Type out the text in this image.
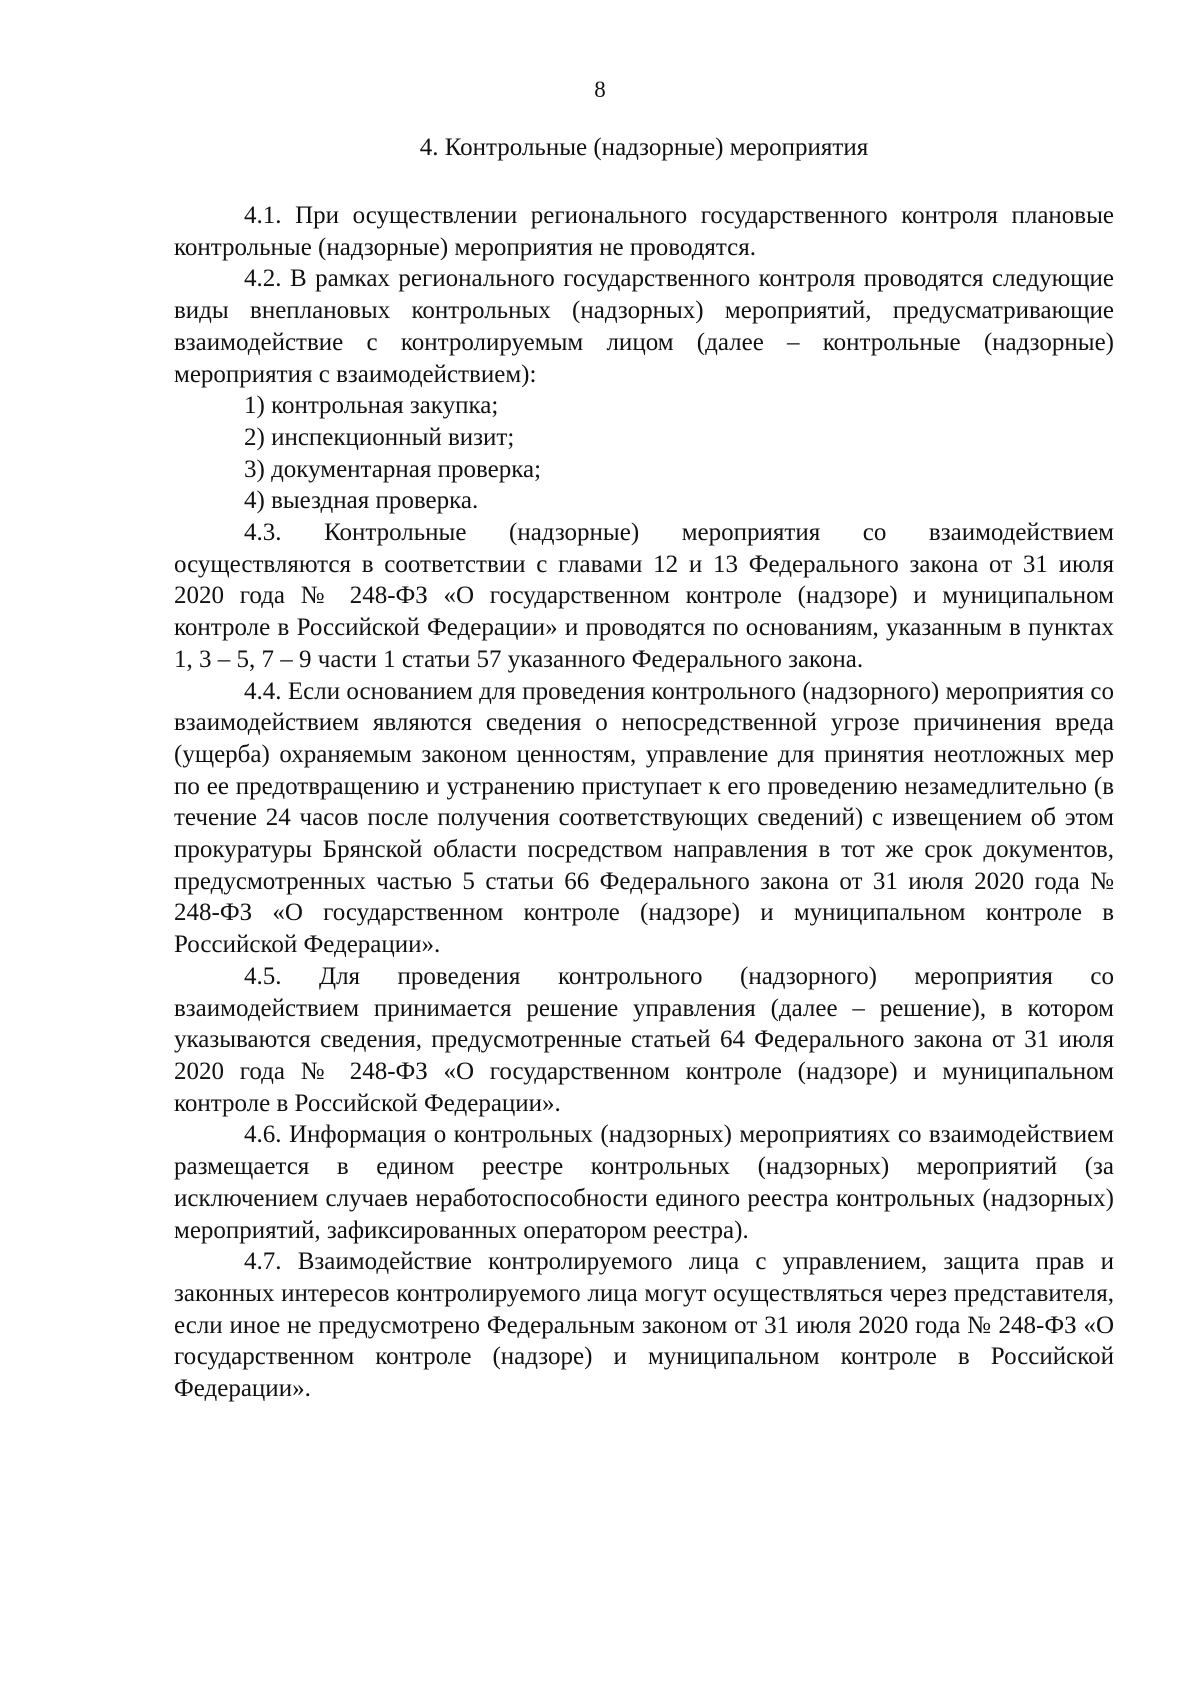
8
4. Контрольные (надзорные) мероприятия

4.1. При осуществлении регионального государственного контроля плановые контрольные (надзорные) мероприятия не проводятся.

4.2. В рамках регионального государственного контроля проводятся следующие виды внеплановых контрольных (надзорных) мероприятий, предусматривающие взаимодействие с контролируемым лицом (далее – контрольные (надзорные) мероприятия с взаимодействием):

1) контрольная закупка;

2) инспекционный визит;

3) документарная проверка;

4) выездная проверка.

4.3. Контрольные (надзорные) мероприятия со взаимодействием осуществляются в соответствии с главами 12 и 13 Федерального закона от 31 июля 2020 года № 248-ФЗ «О государственном контроле (надзоре) и муниципальном контроле в Российской Федерации» и проводятся по основаниям, указанным в пунктах 1, 3 – 5, 7 – 9 части 1 статьи 57 указанного Федерального закона.

4.4. Если основанием для проведения контрольного (надзорного) мероприятия со взаимодействием являются сведения о непосредственной угрозе причинения вреда (ущерба) охраняемым законом ценностям, управление для принятия неотложных мер по ее предотвращению и устранению приступает к его проведению незамедлительно (в течение 24 часов после получения соответствующих сведений) с извещением об этом прокуратуры Брянской области посредством направления в тот же срок документов, предусмотренных частью 5 статьи 66 Федерального закона от 31 июля 2020 года № 248-ФЗ «О государственном контроле (надзоре) и муниципальном контроле в Российской Федерации».

4.5. Для проведения контрольного (надзорного) мероприятия со взаимодействием принимается решение управления (далее – решение), в котором указываются сведения, предусмотренные статьей 64 Федерального закона от 31 июля 2020 года № 248-ФЗ «О государственном контроле (надзоре) и муниципальном контроле в Российской Федерации».

4.6. Информация о контрольных (надзорных) мероприятиях со взаимодействием размещается в едином реестре контрольных (надзорных) мероприятий (за исключением случаев неработоспособности единого реестра контрольных (надзорных) мероприятий, зафиксированных оператором реестра).

4.7. Взаимодействие контролируемого лица с управлением, защита прав и законных интересов контролируемого лица могут осуществляться через представителя, если иное не предусмотрено Федеральным законом от 31 июля 2020 года № 248-ФЗ «О государственном контроле (надзоре) и муниципальном контроле в Российской Федерации».
